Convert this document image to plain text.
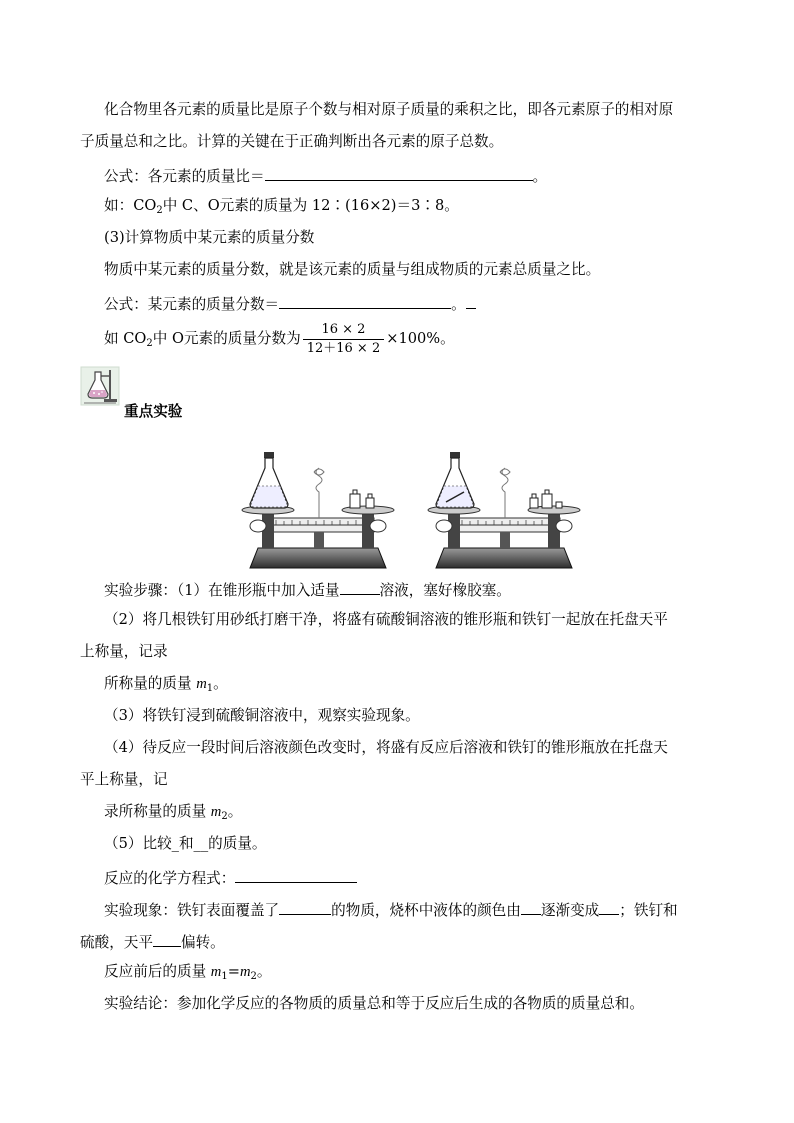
化合物里各元素的质量比是原子个数与相对原子质量的乘积之比，即各元素原子的相对原
子质量总和之比。计算的关键在于正确判断出各元素的原子总数。
公式：各元素的质量比＝	。
如：$CO_2$中 C、O元素的质量为 12∶(16×2)＝3∶8。
(3)计算物质中某元素的质量分数
物质中某元素的质量分数，就是该元素的质量与组成物质的元素总质量之比。
公式：某元素的质量分数＝	。
如 $CO_2$中 O元素的质量分数为 $\frac{16 \times 2}{12+16 \times 2} \times 100\%$。
重点实验
实验步骤：（1）在锥形瓶中加入适量	溶液，塞好橡胶塞。
（2）将几根铁钉用砂纸打磨干净，将盛有硫酸铜溶液的锥形瓶和铁钉一起放在托盘天平
上称量，记录
所称量的质量 $m_1$。
（3）将铁钉浸到硫酸铜溶液中，观察实验现象。
（4）待反应一段时间后溶液颜色改变时，将盛有反应后溶液和铁钉的锥形瓶放在托盘天
平上称量，记
录所称量的质量 $m_2$。
（5）比较_和__的质量。
反应的化学方程式：
实验现象：铁钉表面覆盖了	的物质，烧杯中液体的颜色由 逐渐变成 ；铁钉和
硫酸，天平 偏转。
反应前后的质量 $m_1=m_2$。
实验结论：参加化学反应的各物质的质量总和等于反应后生成的各物质的质量总和。
